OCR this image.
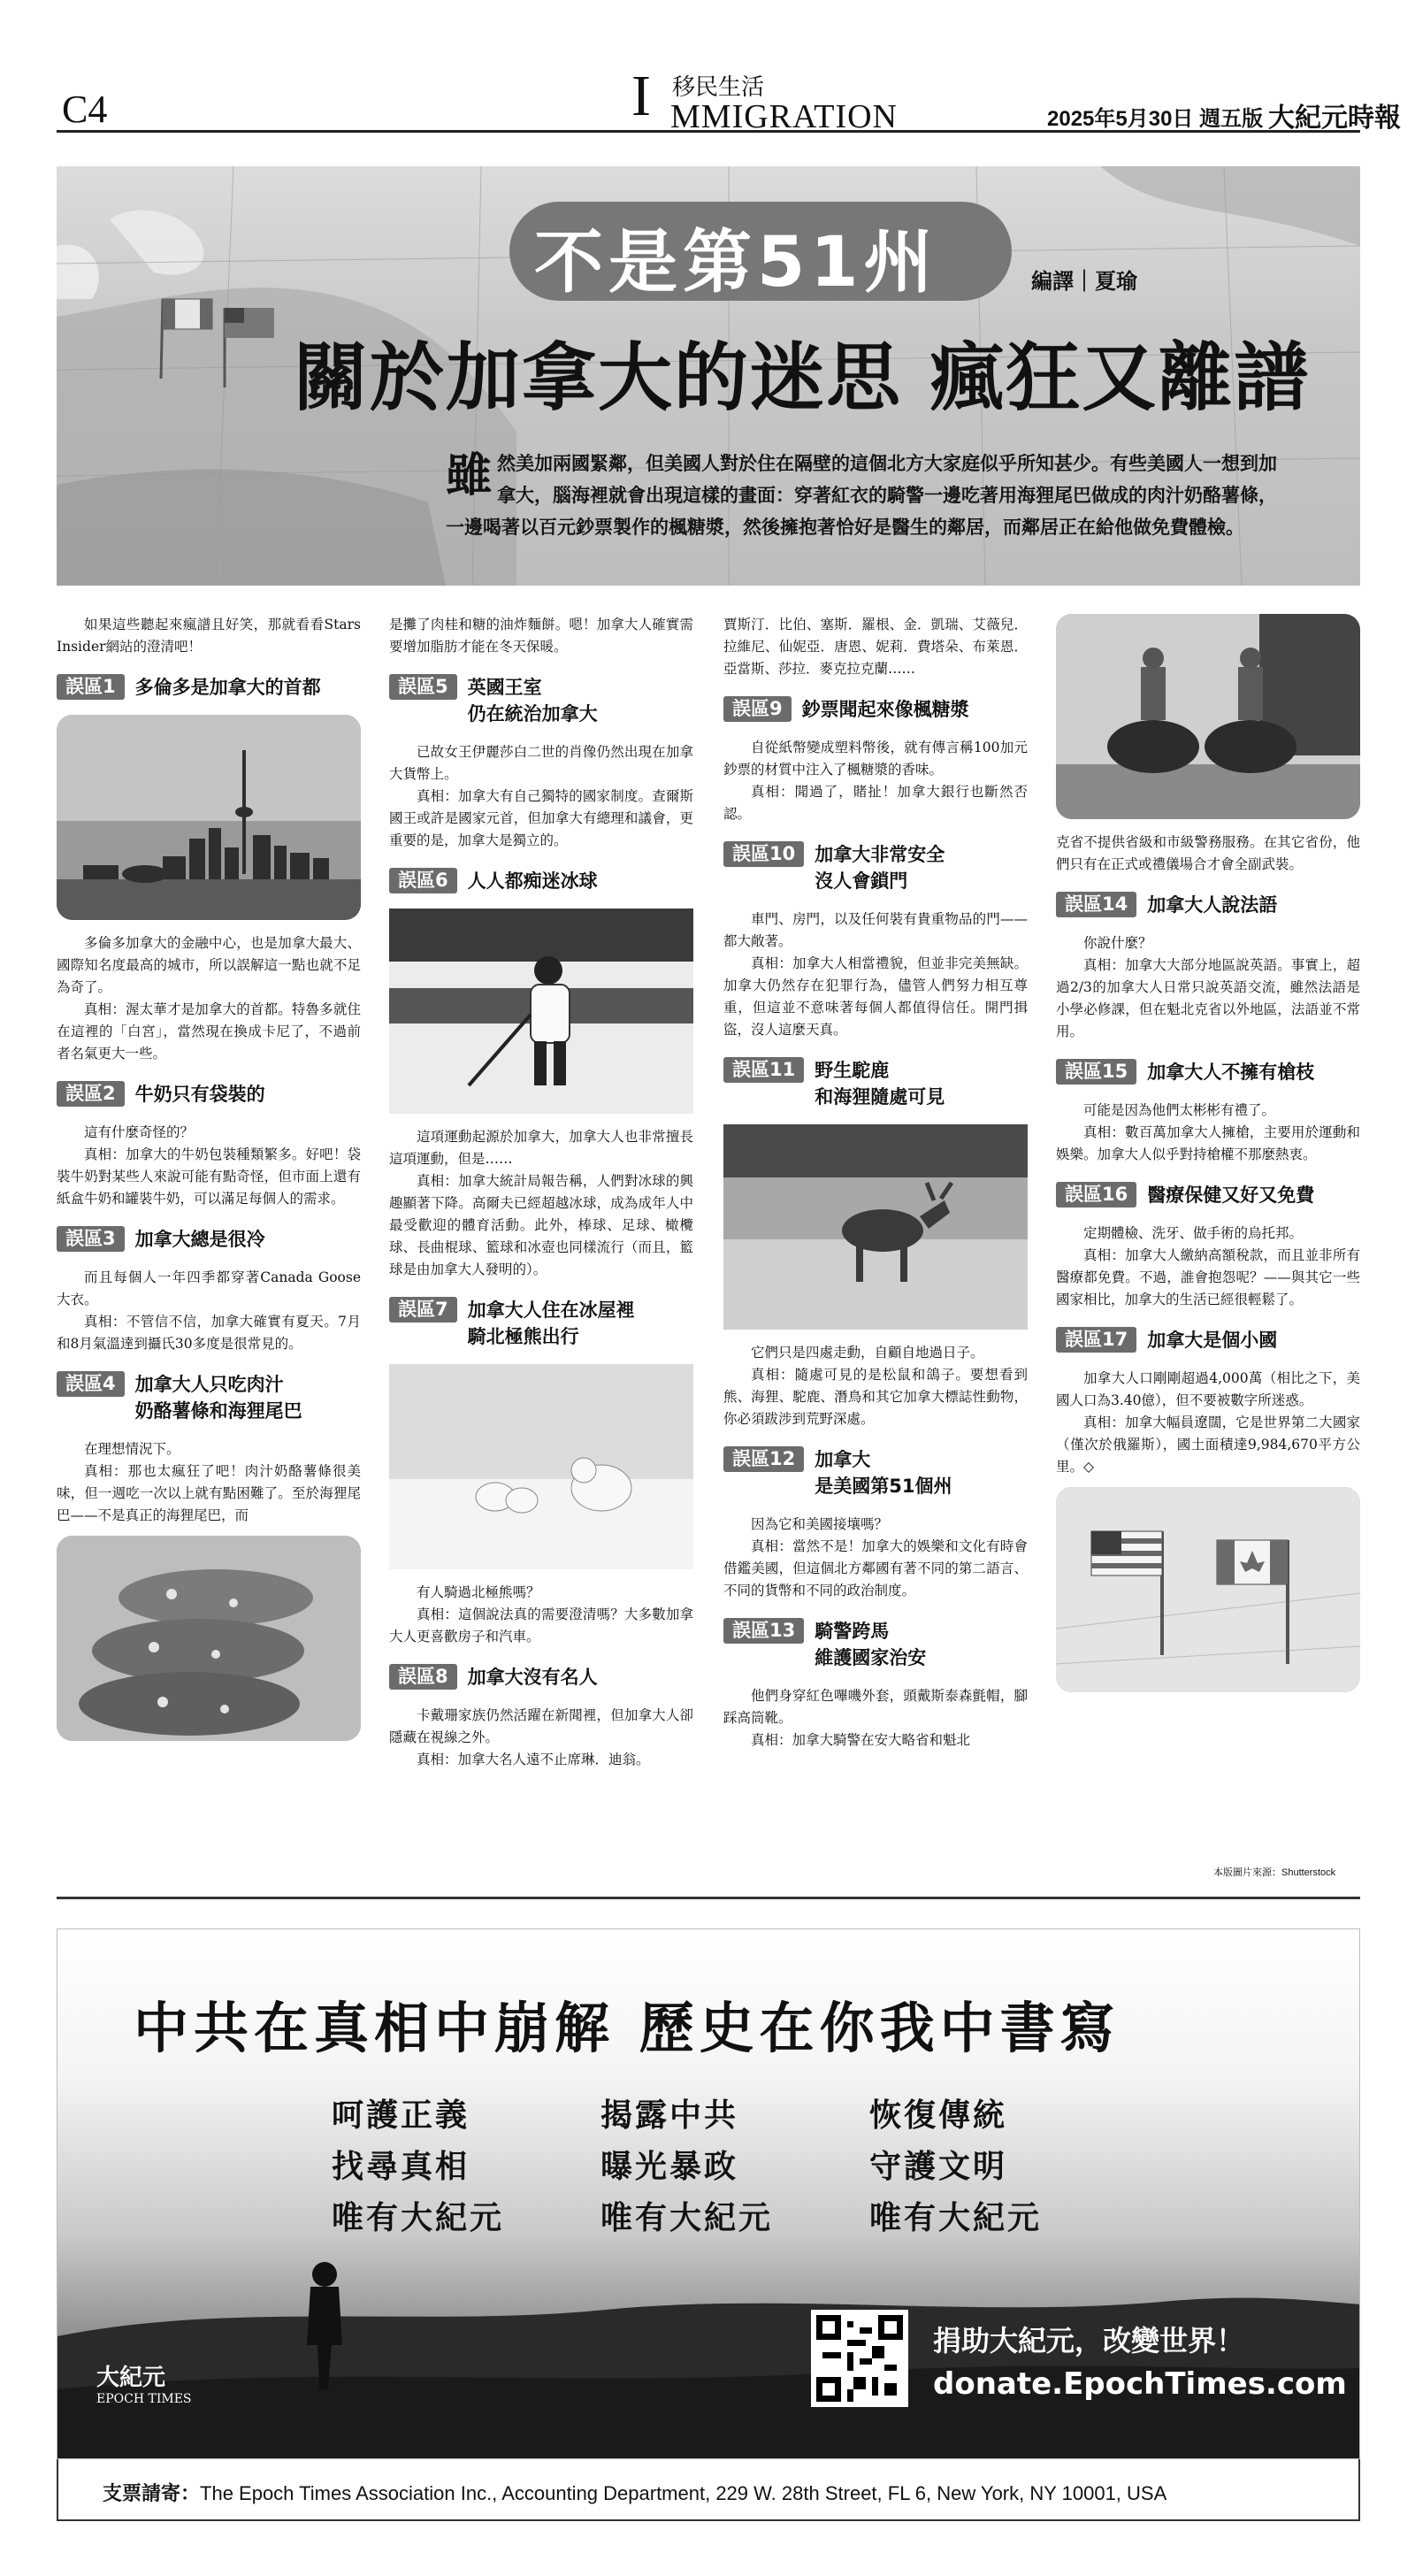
C4	I 移民生活
MMIGRATION	2025年5月30日 週五版 大紀元時報
不是第51州	編譯｜夏瑜
關於加拿大的迷思 瘋狂又離譜
雖 然美加兩國緊鄰，但美國人對於住在隔壁的這個北方大家庭似乎所知甚少。有些美國人一想到加拿大，腦海裡就會出現這樣的畫面：穿著紅衣的騎警一邊吃著用海狸尾巴做成的肉汁奶酪薯條，一邊喝著以百元鈔票製作的楓糖漿，然後擁抱著恰好是醫生的鄰居，而鄰居正在給他做免費體檢。

如果這些聽起來瘋譜且好笑，那就看看Stars Insider網站的澄清吧！

誤區1	多倫多是加拿大的首都

多倫多加拿大的金融中心，也是加拿大最大、國際知名度最高的城市，所以誤解這一點也就不足為奇了。

真相：渥太華才是加拿大的首都。特魯多就住在這裡的「白宮」，當然現在換成卡尼了，不過前者名氣更大一些。

誤區2	牛奶只有袋裝的

這有什麼奇怪的？

真相：加拿大的牛奶包裝種類繁多。好吧！袋裝牛奶對某些人來說可能有點奇怪，但市面上還有紙盒牛奶和罐裝牛奶，可以滿足每個人的需求。

誤區3	加拿大總是很冷

而且每個人一年四季都穿著Canada Goose大衣。

真相：不管信不信，加拿大確實有夏天。7月和8月氣溫達到攝氏30多度是很常見的。

誤區4	加拿大人只吃肉汁
奶酪薯條和海狸尾巴

在理想情況下。

真相：那也太瘋狂了吧！肉汁奶酪薯條很美味，但一週吃一次以上就有點困難了。至於海狸尾巴——不是真正的海狸尾巴，而

是攤了肉桂和糖的油炸麵餅。嗯！加拿大人確實需要增加脂肪才能在冬天保暖。

誤區5	英國王室
仍在統治加拿大

已故女王伊麗莎白二世的肖像仍然出現在加拿大貨幣上。

真相：加拿大有自己獨特的國家制度。查爾斯國王或許是國家元首，但加拿大有總理和議會，更重要的是，加拿大是獨立的。

誤區6	人人都痴迷冰球

這項運動起源於加拿大，加拿大人也非常擅長這項運動，但是……

真相：加拿大統計局報告稱，人們對冰球的興趣顯著下降。高爾夫已經超越冰球，成為成年人中最受歡迎的體育活動。此外，棒球、足球、橄欖球、長曲棍球、籃球和冰壺也同樣流行（而且，籃球是由加拿大人發明的）。

誤區7	加拿大人住在冰屋裡
騎北極熊出行

有人騎過北極熊嗎？

真相：這個說法真的需要澄清嗎？大多數加拿大人更喜歡房子和汽車。

誤區8	加拿大沒有名人

卡戴珊家族仍然活躍在新聞裡，但加拿大人卻隱藏在視線之外。

真相：加拿大名人遠不止席琳．迪翁。

賈斯汀．比伯、塞斯．羅根、金．凱瑞、艾薇兒．拉維尼、仙妮亞．唐恩、妮莉．費塔朵、布萊恩．亞當斯、莎拉．麥克拉克蘭……

誤區9	鈔票聞起來像楓糖漿

自從紙幣變成塑料幣後，就有傳言稱100加元鈔票的材質中注入了楓糖漿的香味。

真相：聞過了，賭扯！加拿大銀行也斷然否認。

誤區10	加拿大非常安全
沒人會鎖門

車門、房門，以及任何裝有貴重物品的門——都大敞著。

真相：加拿大人相當禮貌，但並非完美無缺。加拿大仍然存在犯罪行為，儘管人們努力相互尊重，但這並不意味著每個人都值得信任。開門揖盜，沒人這麼天真。

誤區11	野生駝鹿
和海狸隨處可見

它們只是四處走動，自顧自地過日子。

真相：隨處可見的是松鼠和鴿子。要想看到熊、海狸、駝鹿、潛鳥和其它加拿大標誌性動物，你必須跋涉到荒野深處。

誤區12	加拿大
是美國第51個州

因為它和美國接壤嗎？

真相：當然不是！加拿大的娛樂和文化有時會借鑑美國，但這個北方鄰國有著不同的第二語言、不同的貨幣和不同的政治制度。

誤區13	騎警跨馬
維護國家治安

他們身穿紅色嗶嘰外套，頭戴斯泰森氈帽，腳踩高筒靴。

真相：加拿大騎警在安大略省和魁北

克省不提供省級和市級警務服務。在其它省份，他們只有在正式或禮儀場合才會全副武裝。

誤區14	加拿大人說法語

你說什麼？

真相：加拿大大部分地區說英語。事實上，超過2/3的加拿大人日常只說英語交流，雖然法語是小學必修課，但在魁北克省以外地區，法語並不常用。

誤區15	加拿大人不擁有槍枝

可能是因為他們太彬彬有禮了。

真相：數百萬加拿大人擁槍，主要用於運動和娛樂。加拿大人似乎對持槍權不那麼熱衷。

誤區16	醫療保健又好又免費

定期體檢、洗牙、做手術的烏托邦。

真相：加拿大人繳納高額稅款，而且並非所有醫療都免費。不過，誰會抱怨呢？——與其它一些國家相比，加拿大的生活已經很輕鬆了。

誤區17	加拿大是個小國

加拿大人口剛剛超過4,000萬（相比之下，美國人口為3.40億），但不要被數字所迷惑。

真相：加拿大幅員遼闊，它是世界第二大國家（僅次於俄羅斯），國土面積達9,984,670平方公里。◇

本版圖片來源：Shutterstock
中共在真相中崩解 歷史在你我中書寫
呵護正義
找尋真相
唯有大紀元
揭露中共
曝光暴政
唯有大紀元
恢復傳統
守護文明
唯有大紀元
大紀元
EPOCH TIMES
捐助大紀元，改變世界！
donate.EpochTimes.com
支票請寄：The Epoch Times Association Inc., Accounting Department, 229 W. 28th Street, FL 6, New York, NY 10001, USA
